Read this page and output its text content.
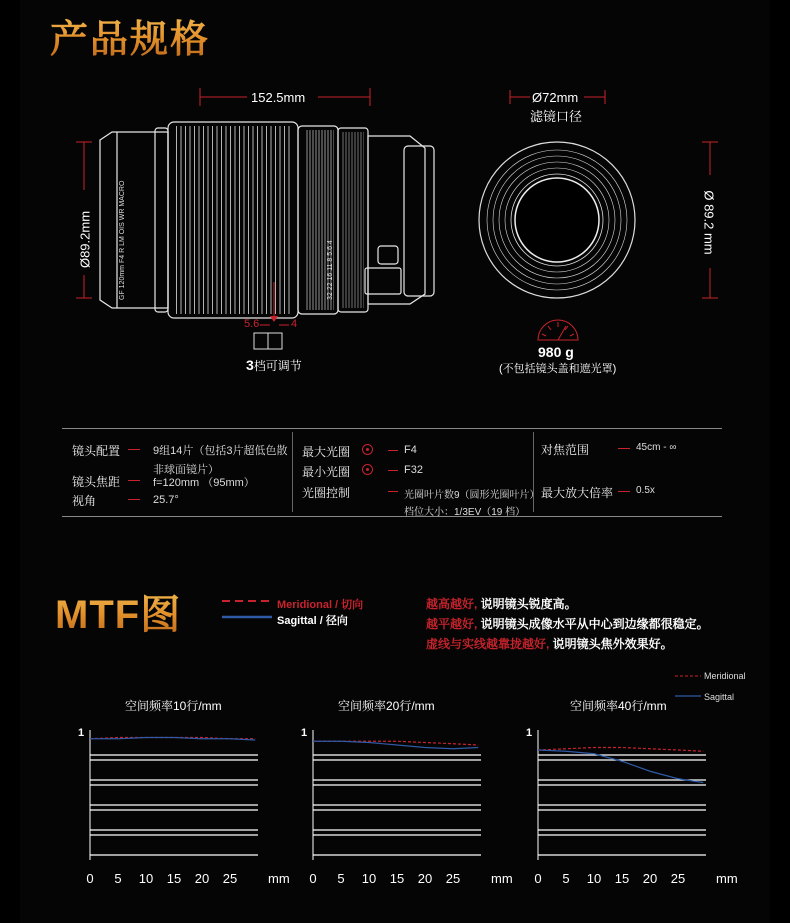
产品规格
GF 120mm F4 R LM OIS WR MACRO	32 22 16 11 8 5.6 4
152.5mm
Ø89.2mm
Ø72mm
滤镜口径
Ø 89.2 mm
5.6	4
3档可调节
980 g
(不包括镜头盖和遮光罩)
镜头配置	9组14片（包括3片超低色散
非球面镜片）
镜头焦距	f=120mm （95mm）
视角	25.7°
最大光圈	F4
最小光圈	F32
光圈控制	光圈叶片数9（圆形光圈叶片）
档位大小：1/3EV（19 档）
对焦范围	45cm - ∞
最大放大倍率 0.5x
MTF图	Meridional / 切向
Sagittal / 径向
越高越好, 说明镜头锐度高。
越平越好, 说明镜头成像水平从中心到边缘都很稳定。
虚线与实线越靠拢越好, 说明镜头焦外效果好。
Meridional
Sagittal
空间频率10行/mm
1
0 5 10 15 20 25 mm
空间频率20行/mm
1
0 5 10 15 20 25 mm
空间频率40行/mm
1
0 5 10 15 20 25 mm
